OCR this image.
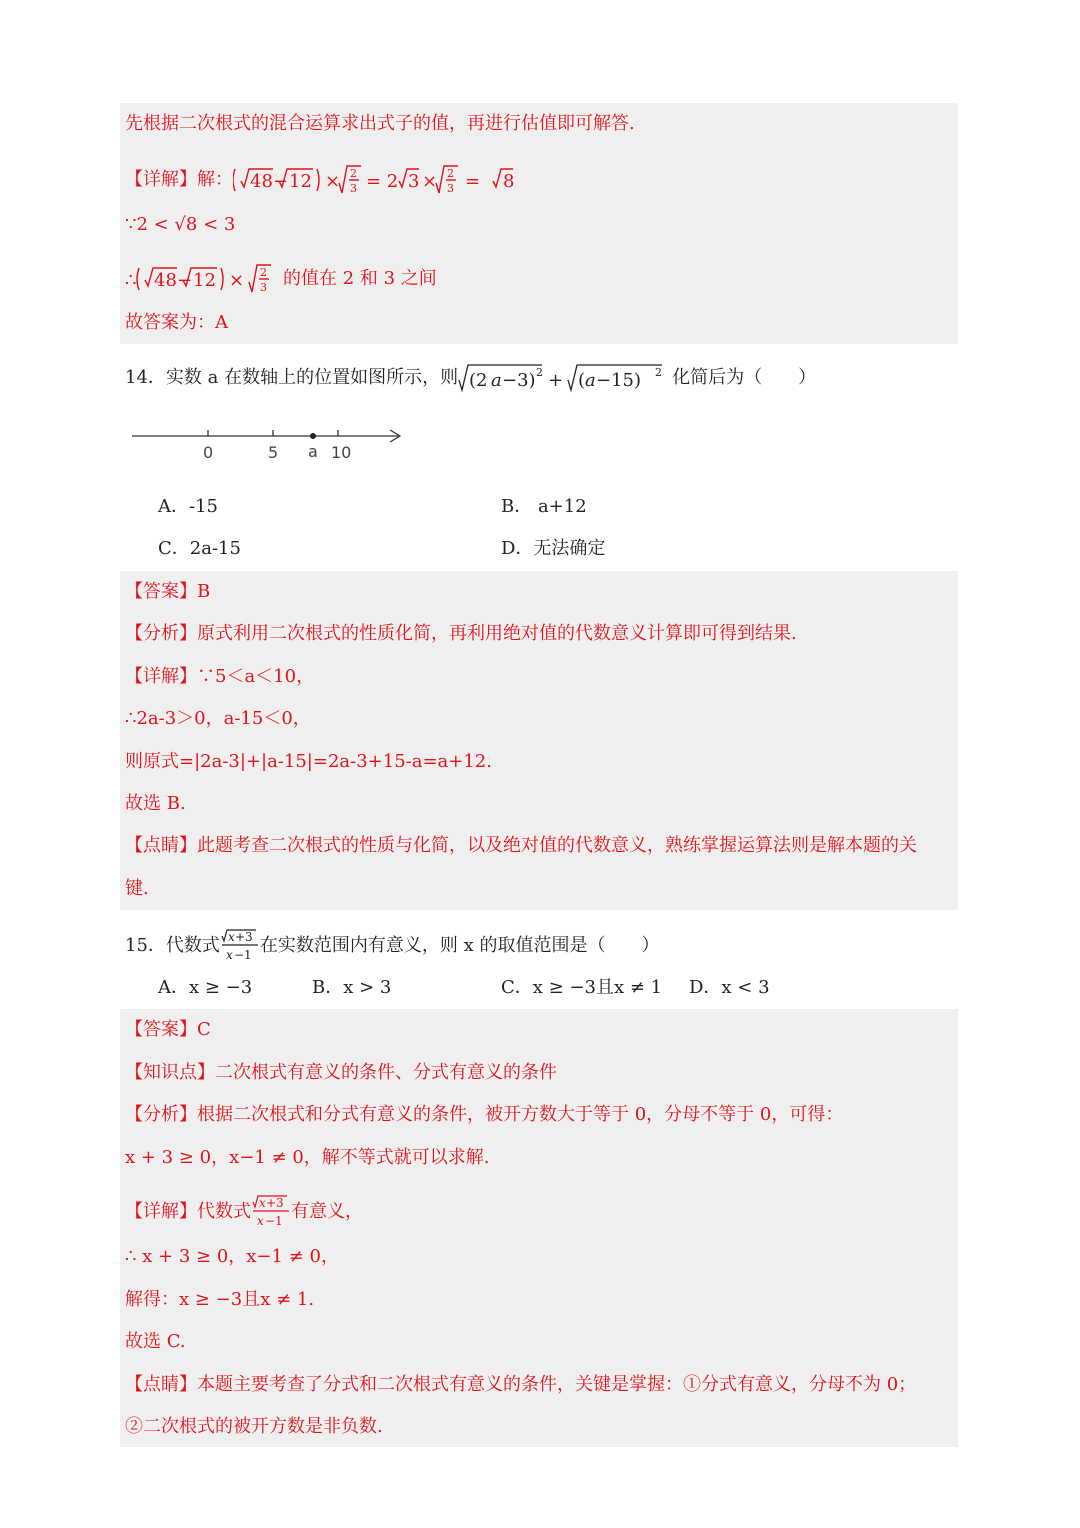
先根据二次根式的混合运算求出式子的值，再进行估值即可解答.
【详解】解： 48 − 12 × 2
3 = 2 3 × 2
3 = 8
∵2 < √8 < 3
∴ 48 − 12 × 2
3 的值在 2 和 3 之间
故答案为：A
14．实数 a 在数轴上的位置如图所示，则 (2 a −3) 2 + ( a −15) 2 化简后为（　　）
0	5 a 10
A．-15	B． a+12
C．2a-15	D．无法确定
【答案】B
【分析】原式利用二次根式的性质化简，再利用绝对值的代数意义计算即可得到结果.
【详解】∵5＜a＜10，
∴2a-3＞0，a-15＜0，
则原式=|2a-3|+|a-15|=2a-3+15-a=a+12.
故选 B.
【点睛】此题考查二次根式的性质与化简，以及绝对值的代数意义，熟练掌握运算法则是解本题的关
键.
15．代数式 x +3
x −1 在实数范围内有意义，则 x 的取值范围是（　　）
A．x ≥ −3	B．x > 3	C．x ≥ −3且x ≠ 1 D．x < 3
【答案】C
【知识点】二次根式有意义的条件、分式有意义的条件
【分析】根据二次根式和分式有意义的条件，被开方数大于等于 0，分母不等于 0，可得：
x + 3 ≥ 0，x−1 ≠ 0，解不等式就可以求解.
【详解】代数式 x +3
x −1 有意义，
∴ x + 3 ≥ 0，x−1 ≠ 0，
解得：x ≥ −3且x ≠ 1.
故选 C.
【点睛】本题主要考查了分式和二次根式有意义的条件，关键是掌握：①分式有意义，分母不为 0；
②二次根式的被开方数是非负数.
